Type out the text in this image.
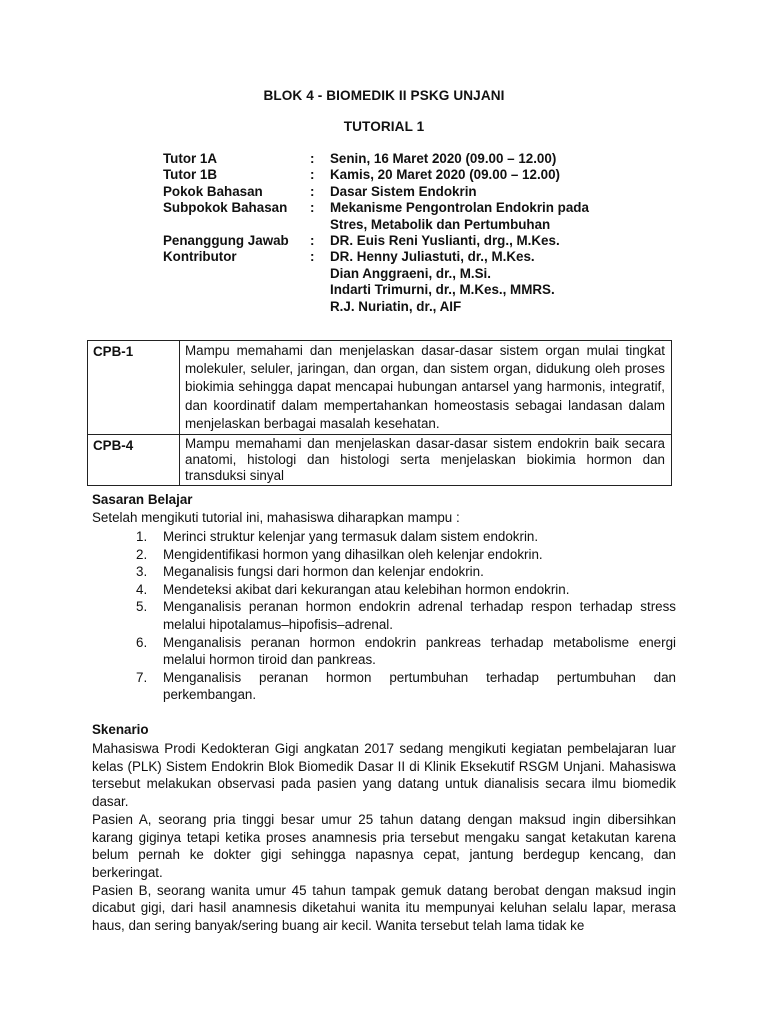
BLOK 4 - BIOMEDIK II PSKG UNJANI
TUTORIAL 1
Tutor 1A	:	Senin, 16 Maret 2020 (09.00 – 12.00)
Tutor 1B	:	Kamis, 20 Maret 2020 (09.00 – 12.00)
Pokok Bahasan	:	Dasar Sistem Endokrin
Subpokok Bahasan	:	Mekanisme Pengontrolan Endokrin pada
Stres, Metabolik dan Pertumbuhan
Penanggung Jawab	:	DR. Euis Reni Yuslianti, drg., M.Kes.
Kontributor	:	DR. Henny Juliastuti, dr., M.Kes.
Dian Anggraeni, dr., M.Si.
Indarti Trimurni, dr., M.Kes., MMRS.
R.J. Nuriatin, dr., AIF
CPB-1	Mampu memahami dan menjelaskan dasar-dasar sistem organ mulai tingkat molekuler, seluler, jaringan, dan organ, dan sistem organ, didukung oleh proses biokimia sehingga dapat mencapai hubungan antarsel yang harmonis, integratif, dan koordinatif dalam mempertahankan homeostasis sebagai landasan dalam menjelaskan berbagai masalah kesehatan.
CPB-4	Mampu memahami dan menjelaskan dasar-dasar sistem endokrin baik secara anatomi, histologi dan histologi serta menjelaskan biokimia hormon dan transduksi sinyal
Sasaran Belajar
Setelah mengikuti tutorial ini, mahasiswa diharapkan mampu :
1.	Merinci struktur kelenjar yang termasuk dalam sistem endokrin.
2.	Mengidentifikasi hormon yang dihasilkan oleh kelenjar endokrin.
3.	Meganalisis fungsi dari hormon dan kelenjar endokrin.
4.	Mendeteksi akibat dari kekurangan atau kelebihan hormon endokrin.
5.	Menganalisis peranan hormon endokrin adrenal terhadap respon terhadap stress melalui hipotalamus–hipofisis–adrenal.
6.	Menganalisis peranan hormon endokrin pankreas terhadap metabolisme energi melalui hormon tiroid dan pankreas.
7.	Menganalisis peranan hormon pertumbuhan terhadap pertumbuhan dan perkembangan.
Skenario

Mahasiswa Prodi Kedokteran Gigi angkatan 2017 sedang mengikuti kegiatan pembelajaran luar kelas (PLK) Sistem Endokrin Blok Biomedik Dasar II di Klinik Eksekutif RSGM Unjani. Mahasiswa tersebut melakukan observasi pada pasien yang datang untuk dianalisis secara ilmu biomedik dasar.

Pasien A, seorang pria tinggi besar umur 25 tahun datang dengan maksud ingin dibersihkan karang giginya tetapi ketika proses anamnesis pria tersebut mengaku sangat ketakutan karena belum pernah ke dokter gigi sehingga napasnya cepat, jantung berdegup kencang, dan berkeringat.

Pasien B, seorang wanita umur 45 tahun tampak gemuk datang berobat dengan maksud ingin dicabut gigi, dari hasil anamnesis diketahui wanita itu mempunyai keluhan selalu lapar, merasa haus, dan sering banyak/sering buang air kecil. Wanita tersebut telah lama tidak ke
